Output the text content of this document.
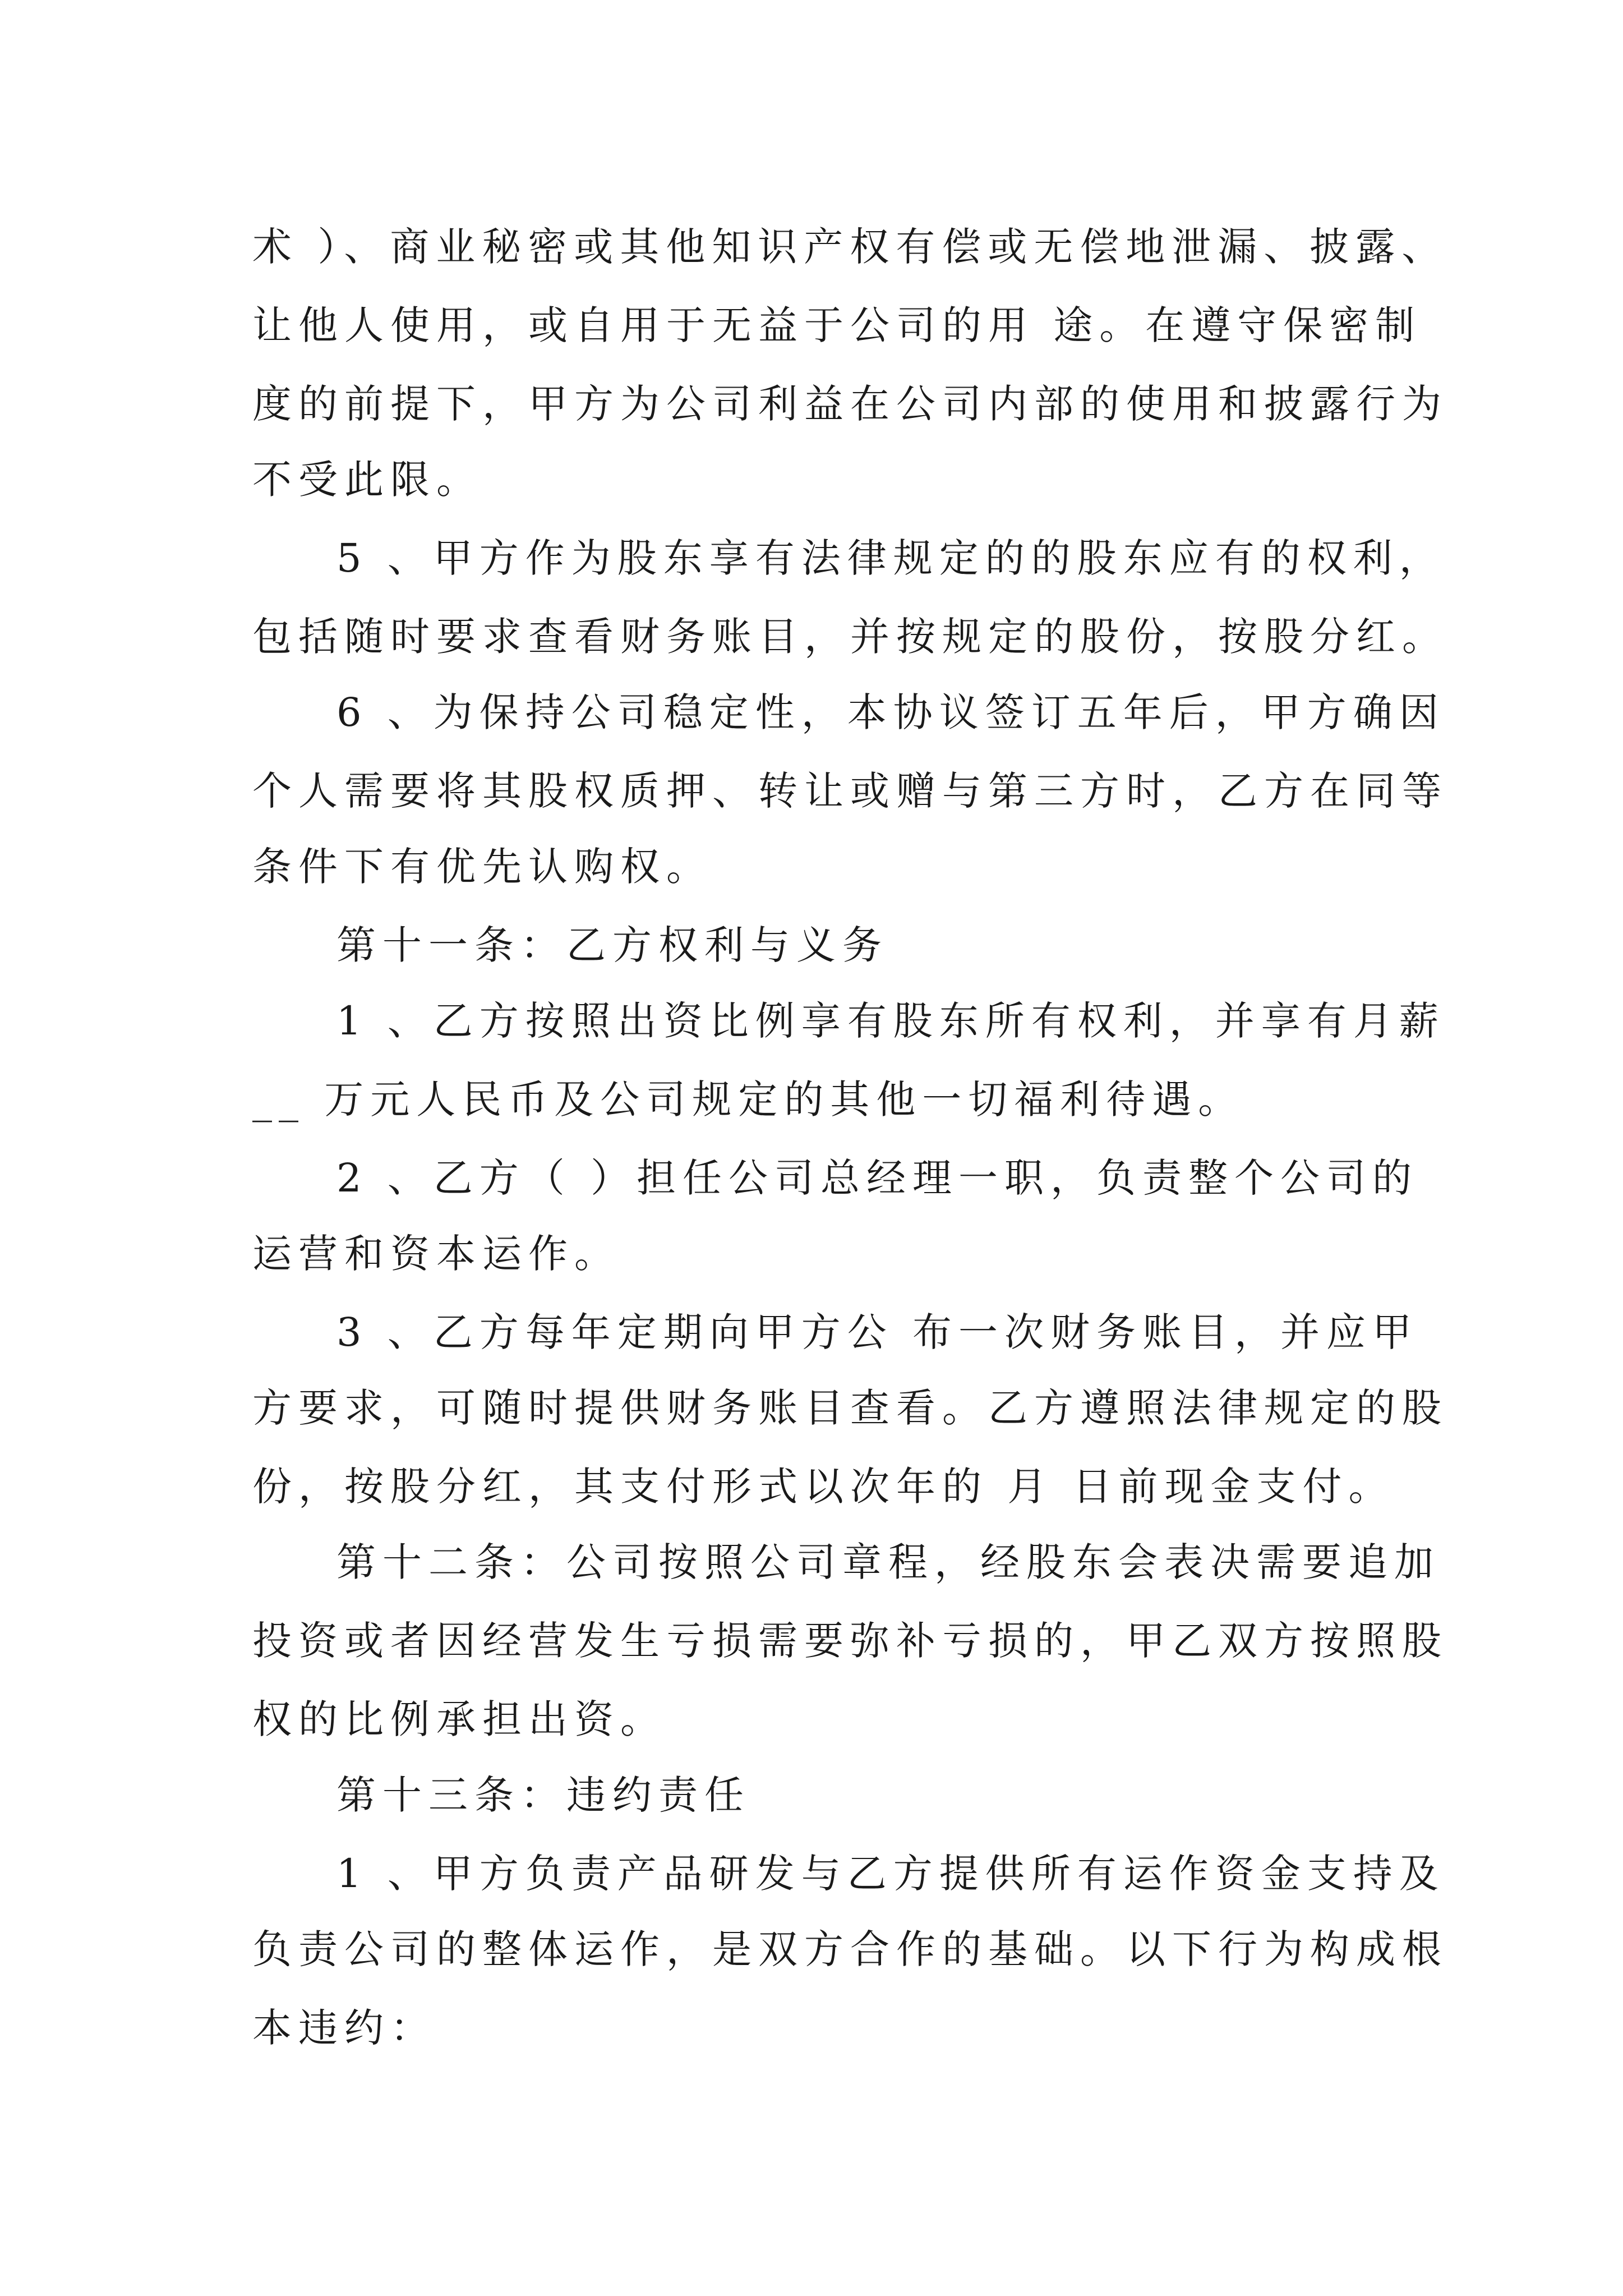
术 ）、商业秘密或其他知识产权有偿或无偿地泄漏、披露、
让他人使用，或自用于无益于公司的用 途。在遵守保密制
度的前提下，甲方为公司利益在公司内部的使用和披露行为
不受此限。
5 、甲方作为股东享有法律规定的的股东应有的权利，
包括随时要求查看财务账目，并按规定的股份，按股分红。
6 、为保持公司稳定性，本协议签订五年后，甲方确因
个人需要将其股权质押、转让或赠与第三方时，乙方在同等
条件下有优先认购权。
第十一条：乙方权利与义务
1 、乙方按照出资比例享有股东所有权利，并享有月薪
__ 万元人民币及公司规定的其他一切福利待遇。
2 、乙方（ ）担任公司总经理一职，负责整个公司的
运营和资本运作。
3 、乙方每年定期向甲方公 布一次财务账目，并应甲
方要求，可随时提供财务账目查看。乙方遵照法律规定的股
份，按股分红，其支付形式以次年的 月 日前现金支付。
第十二条：公司按照公司章程，经股东会表决需要追加
投资或者因经营发生亏损需要弥补亏损的，甲乙双方按照股
权的比例承担出资。
第十三条：违约责任
1 、甲方负责产品研发与乙方提供所有运作资金支持及
负责公司的整体运作，是双方合作的基础。以下行为构成根
本违约：
